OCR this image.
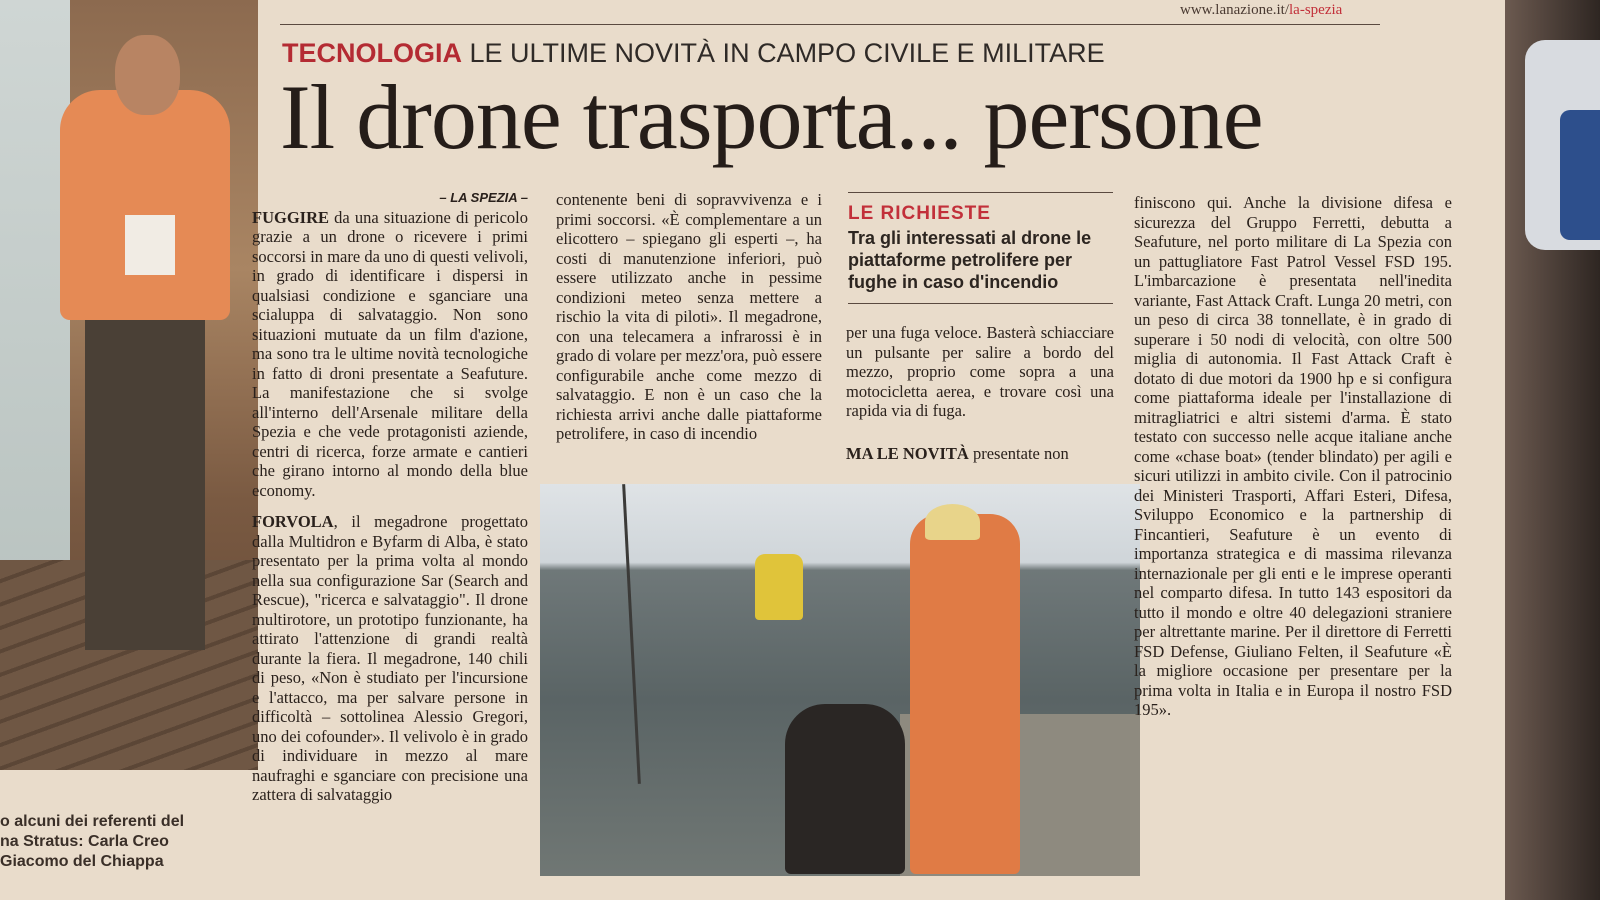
o alcuni dei referenti del
na Stratus: Carla Creo
Giacomo del Chiappa
www.lanazione.it/la-spezia
TECNOLOGIA LE ULTIME NOVITÀ IN CAMPO CIVILE E MILITARE
Il drone trasporta... persone
– LA SPEZIA –

FUGGIRE da una situazione di pericolo grazie a un drone o ricevere i primi soccorsi in mare da uno di questi velivoli, in grado di identificare i dispersi in qualsiasi condizione e sganciare una scialuppa di salvataggio. Non sono situazioni mutuate da un film d'azione, ma sono tra le ultime novità tecnologiche in fatto di droni presentate a Seafuture. La manifestazione che si svolge all'interno dell'Arsenale militare della Spezia e che vede protagonisti aziende, centri di ricerca, forze armate e cantieri che girano intorno al mondo della blue economy.

FORVOLA, il megadrone progettato dalla Multidron e Byfarm di Alba, è stato presentato per la prima volta al mondo nella sua configurazione Sar (Search and Rescue), "ricerca e salvataggio". Il drone multirotore, un prototipo funzionante, ha attirato l'attenzione di grandi realtà durante la fiera. Il megadrone, 140 chili di peso, «Non è studiato per l'incursione e l'attacco, ma per salvare persone in difficoltà – sottolinea Alessio Gregori, uno dei cofounder». Il velivolo è in grado di individuare in mezzo al mare naufraghi e sganciare con precisione una zattera di salvataggio

contenente beni di sopravvivenza e i primi soccorsi. «È complementare a un elicottero – spiegano gli esperti –, ha costi di manutenzione inferiori, può essere utilizzato anche in pessime condizioni meteo senza mettere a rischio la vita di piloti». Il megadrone, con una telecamera a infrarossi è in grado di volare per mezz'ora, può essere configurabile anche come mezzo di salvataggio. E non è un caso che la richiesta arrivi anche dalle piattaforme petrolifere, in caso di incendio
LE RICHIESTE
Tra gli interessati al drone le piattaforme petrolifere per fughe in caso d'incendio
per una fuga veloce. Basterà schiacciare un pulsante per salire a bordo del mezzo, proprio come sopra a una motocicletta aerea, e trovare così una rapida via di fuga.
MA LE NOVITÀ presentate non
finiscono qui. Anche la divisione difesa e sicurezza del Gruppo Ferretti, debutta a Seafuture, nel porto militare di La Spezia con un pattugliatore Fast Patrol Vessel FSD 195. L'imbarcazione è presentata nell'inedita variante, Fast Attack Craft. Lunga 20 metri, con un peso di circa 38 tonnellate, è in grado di superare i 50 nodi di velocità, con oltre 500 miglia di autonomia. Il Fast Attack Craft è dotato di due motori da 1900 hp e si configura come piattaforma ideale per l'installazione di mitragliatrici e altri sistemi d'arma. È stato testato con successo nelle acque italiane anche come «chase boat» (tender blindato) per agili e sicuri utilizzi in ambito civile. Con il patrocinio dei Ministeri Trasporti, Affari Esteri, Difesa, Sviluppo Economico e la partnership di Fincantieri, Seafuture è un evento di importanza strategica e di massima rilevanza internazionale per gli enti e le imprese operanti nel comparto difesa. In tutto 143 espositori da tutto il mondo e oltre 40 delegazioni straniere per altrettante marine. Per il direttore di Ferretti FSD Defense, Giuliano Felten, il Seafuture «È la migliore occasione per presentare per la prima volta in Italia e in Europa il nostro FSD 195».
